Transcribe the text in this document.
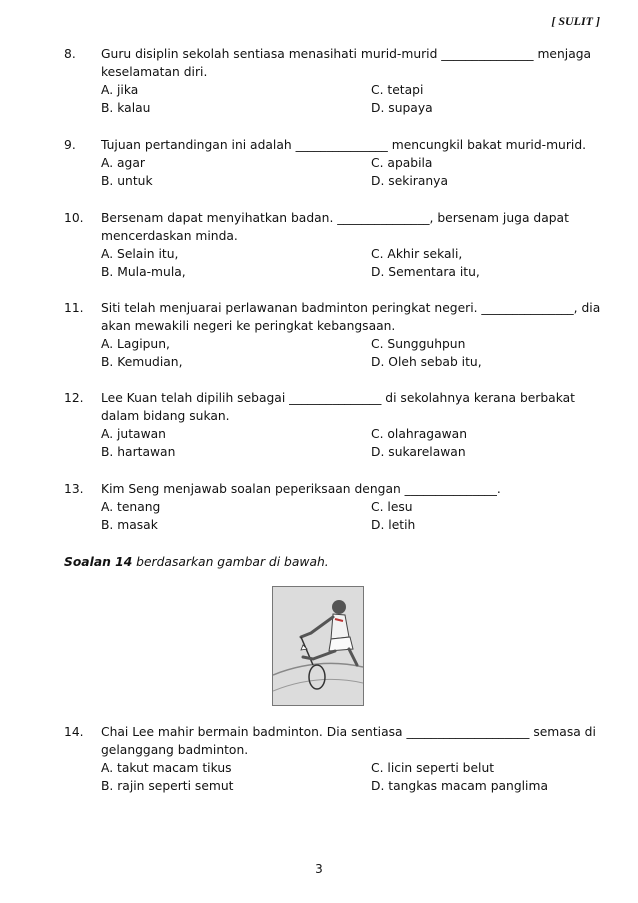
[ SULIT ]
8. Guru disiplin sekolah sentiasa menasihati murid-murid _______________ menjaga keselamatan diri.
A. jika	C. tetapi
B. kalau	D. supaya
9. Tujuan pertandingan ini adalah _______________ mencungkil bakat murid-murid.
A. agar	C. apabila
B. untuk	D. sekiranya
10. Bersenam dapat menyihatkan badan. _______________, bersenam juga dapat mencerdaskan minda.
A. Selain itu,	C. Akhir sekali,
B. Mula-mula,	D. Sementara itu,
11. Siti telah menjuarai perlawanan badminton peringkat negeri. _______________, dia akan mewakili negeri ke peringkat kebangsaan.
A. Lagipun,	C. Sungguhpun
B. Kemudian,	D. Oleh sebab itu,
12. Lee Kuan telah dipilih sebagai _______________ di sekolahnya kerana berbakat dalam bidang sukan.
A. jutawan	C. olahragawan
B. hartawan	D. sukarelawan
13. Kim Seng menjawab soalan peperiksaan dengan _______________.
A. tenang	C. lesu
B. masak	D. letih
Soalan 14 berdasarkan gambar di bawah.
14. Chai Lee mahir bermain badminton. Dia sentiasa ____________________ semasa di gelanggang badminton.
A. takut macam tikus	C. licin seperti belut
B. rajin seperti semut	D. tangkas macam panglima
3
